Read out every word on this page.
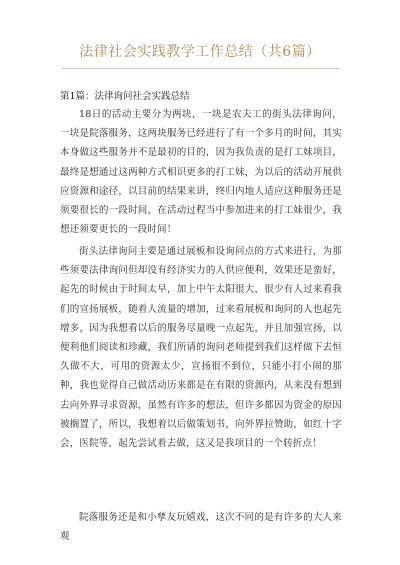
法律社会实践教学工作总结（共6篇）
第1篇：法律询问社会实践总结
18日的活动主要分为两块，一块是农夫工的街头法律询问，一块是院落服务，这两块服务已经进行了有一个多月的时间，其实本身做这些服务并不是最初的目的，因为我负责的是打工妹项目，最终是想通过这两种方式相识更多的打工妹，为以后的活动开展供应资源和途径，以目前的结果来讲，终归内地人适应这种服务还是须要很长的一段时间，在活动过程当中参加进来的打工妹很少，我想还须要更长的一段时间！
街头法律询问主要是通过展板和设询问点的方式来进行，为那些须要法律询问但却没有经济实力的人供应便利，效果还是蛮好，起先的时候由于时间太早，加上中午太阳很大，很少有人过来看我们的宣扬展板，随着人流量的增加，过来看展板和询问的人也起先增多，因为我想看以后的服务尽量晚一点起先，并且加强宣扬，以便利他们阅读和珍藏，我们所请的询问老师提到我们这样做下去恒久做不大，可用的资源太少，宣扬很不到位，只能小打小闹的那种，我也觉得自己做活动历来都是在有限的资源内，从来没有想到去向外界寻求资源，虽然有许多的想法，但许多都因为资金的原因被搁置了，所以，我想着以后做策划书，向外界拉赞助，如红十字会，医院等，起先尝试着去做，这又是我项目的一个转折点！
院落服务还是和小孳友玩嬉戏，这次不同的是有许多的大人来观
